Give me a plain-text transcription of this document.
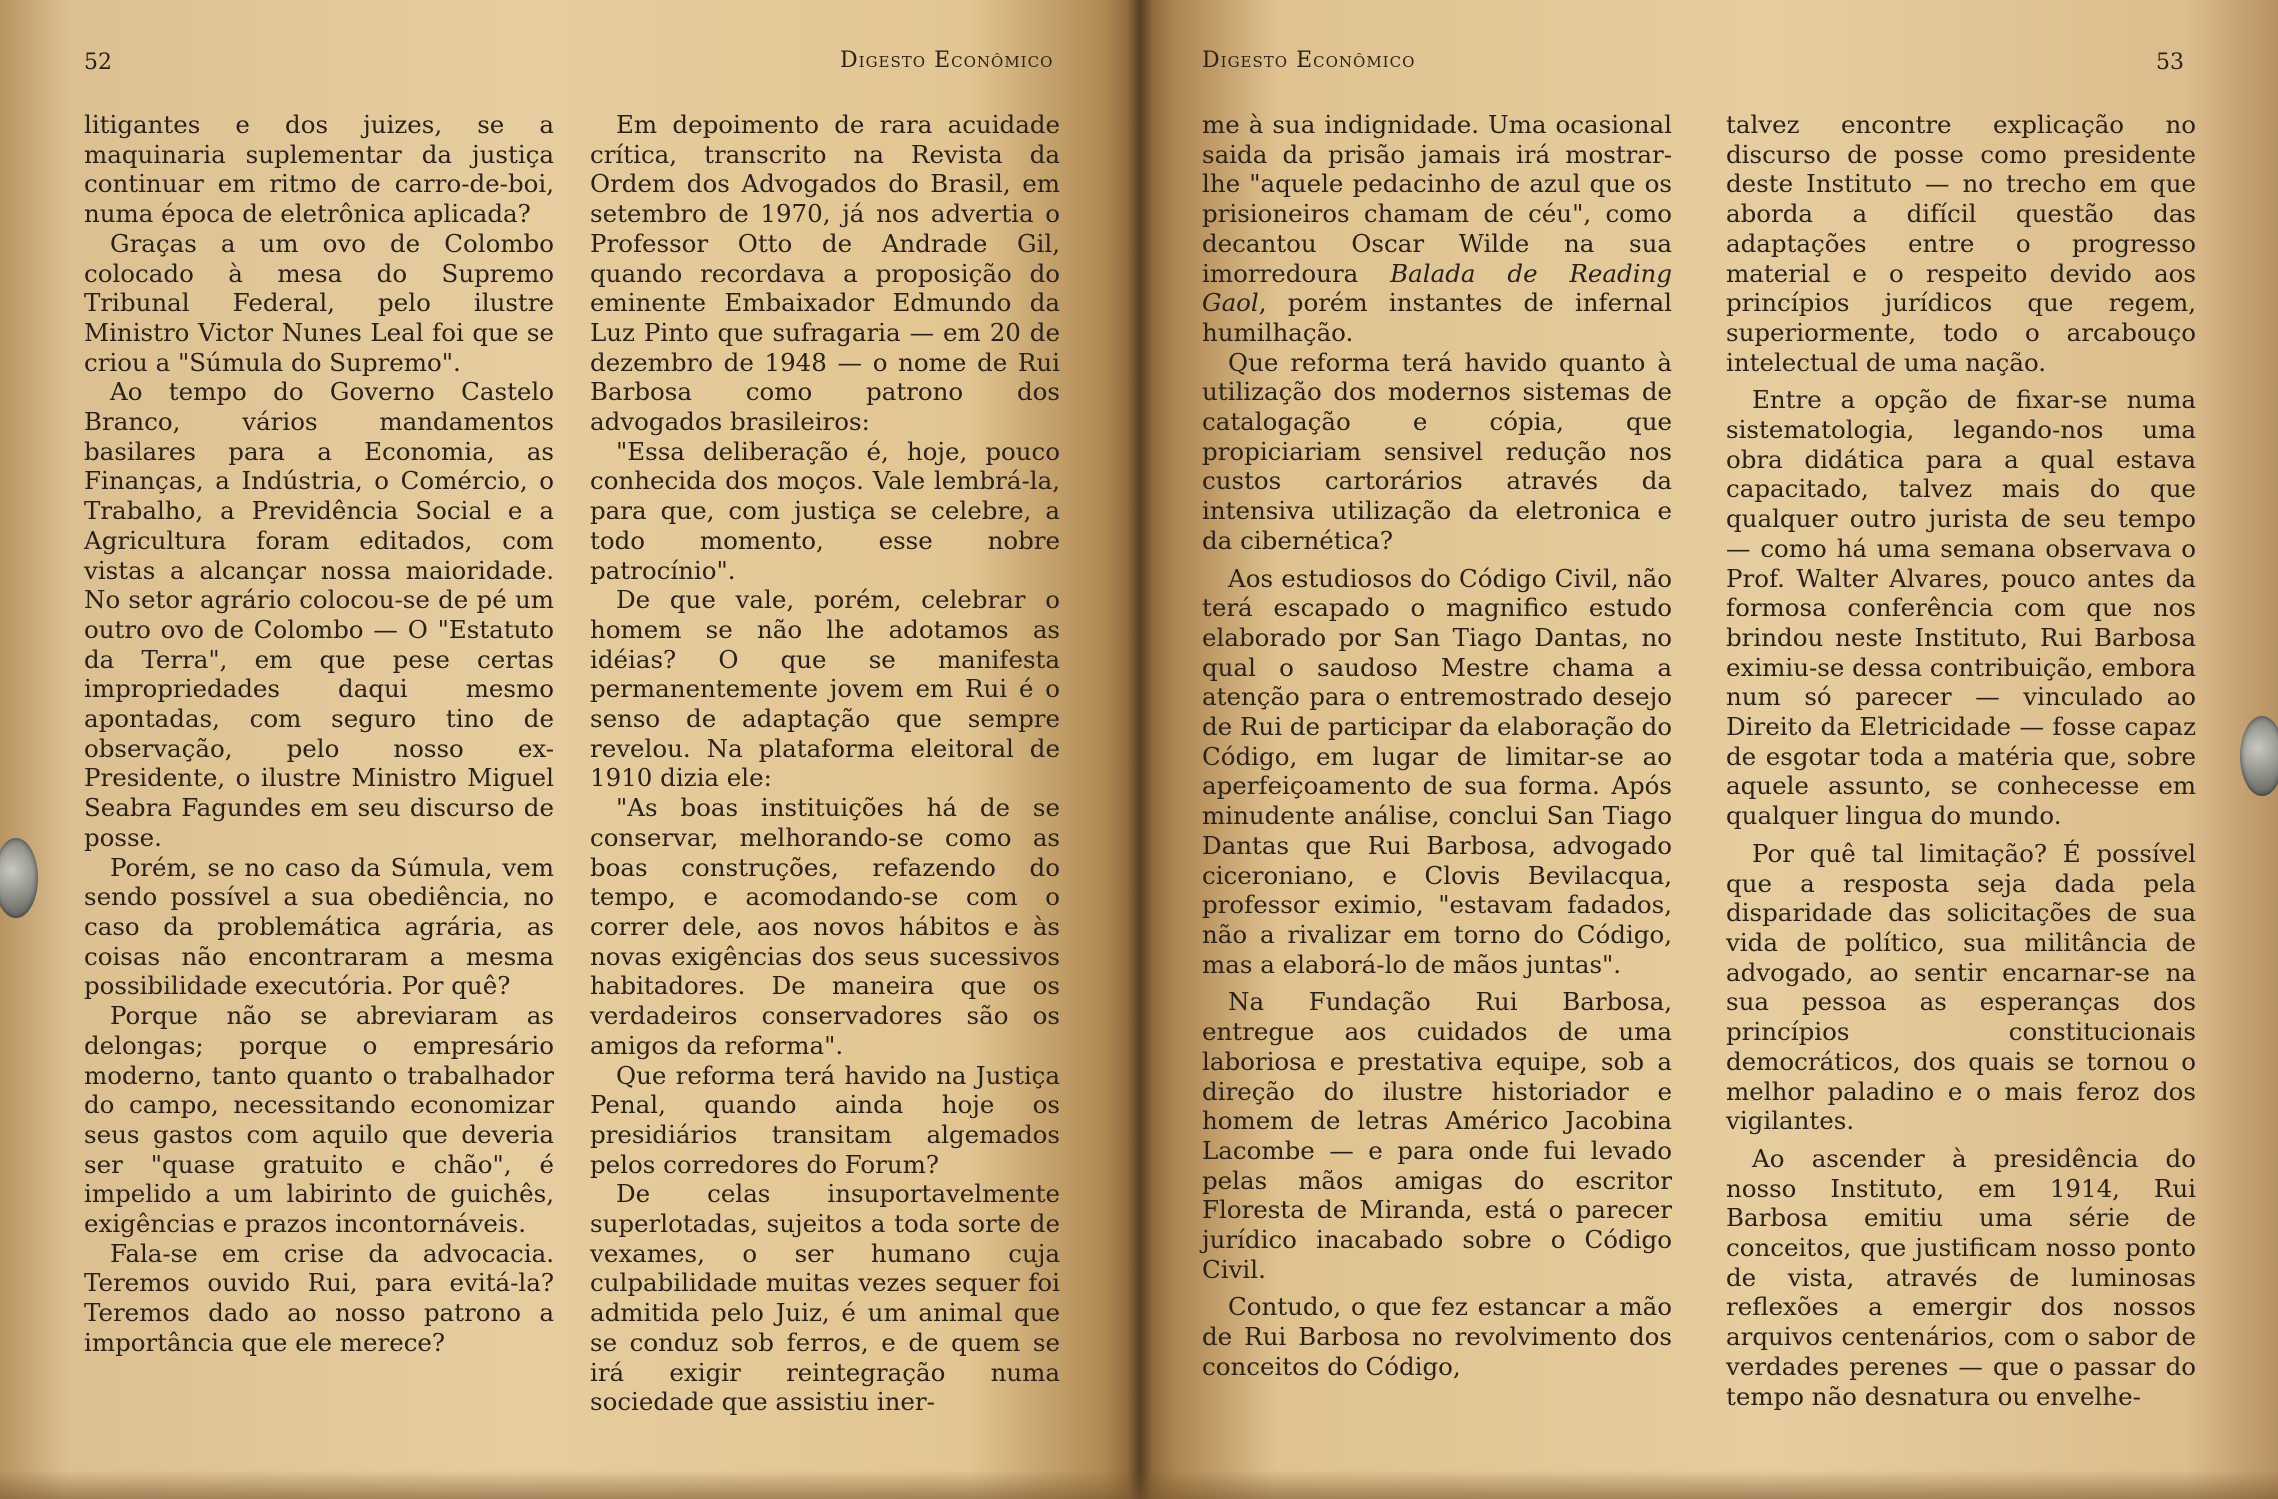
52	Digesto Econômico

litigantes e dos juizes, se a maquinaria suplementar da justiça continuar em ritmo de carro-de-boi, numa época de eletrônica aplicada?

Graças a um ovo de Colombo colocado à mesa do Supremo Tribunal Federal, pelo ilustre Ministro Victor Nunes Leal foi que se criou a "Súmula do Supremo".

Ao tempo do Governo Castelo Branco, vários mandamentos basilares para a Economia, as Finanças, a Indústria, o Comércio, o Trabalho, a Previdência Social e a Agricultura foram editados, com vistas a alcançar nossa maioridade. No setor agrário colocou-se de pé um outro ovo de Colombo — O "Estatuto da Terra", em que pese certas impropriedades daqui mesmo apontadas, com seguro tino de observação, pelo nosso ex-Presidente, o ilustre Ministro Miguel Seabra Fagundes em seu discurso de posse.

Porém, se no caso da Súmula, vem sendo possível a sua obediência, no caso da problemática agrária, as coisas não encontraram a mesma possibilidade executória. Por quê?

Porque não se abreviaram as delongas; porque o empresário moderno, tanto quanto o trabalhador do campo, necessitando economizar seus gastos com aquilo que deveria ser "quase gratuito e chão", é impelido a um labirinto de guichês, exigências e prazos incontornáveis.

Fala-se em crise da advocacia. Teremos ouvido Rui, para evitá-la? Teremos dado ao nosso patrono a importância que ele merece?

Em depoimento de rara acuidade crítica, transcrito na Revista da Ordem dos Advogados do Brasil, em setembro de 1970, já nos advertia o Professor Otto de Andrade Gil, quando recordava a proposição do eminente Embaixador Edmundo da Luz Pinto que sufragaria — em 20 de dezembro de 1948 — o nome de Rui Barbosa como patrono dos advogados brasileiros:

"Essa deliberação é, hoje, pouco conhecida dos moços. Vale lembrá-la, para que, com justiça se celebre, a todo momento, esse nobre patrocínio".

De que vale, porém, celebrar o homem se não lhe adotamos as idéias? O que se manifesta permanentemente jovem em Rui é o senso de adaptação que sempre revelou. Na plataforma eleitoral de 1910 dizia ele:

"As boas instituições há de se conservar, melhorando-se como as boas construções, refazendo do tempo, e acomodando-se com o correr dele, aos novos hábitos e às novas exigências dos seus sucessivos habitadores. De maneira que os verdadeiros conservadores são os amigos da reforma".

Que reforma terá havido na Justiça Penal, quando ainda hoje os presidiários transitam algemados pelos corredores do Forum?

De celas insuportavelmente superlotadas, sujeitos a toda sorte de vexames, o ser humano cuja culpabilidade muitas vezes sequer foi admitida pelo Juiz, é um animal que se conduz sob ferros, e de quem se irá exigir reintegração numa sociedade que assistiu iner-

Digesto Econômico	53

me à sua indignidade. Uma ocasional saida da prisão jamais irá mostrar-lhe "aquele pedacinho de azul que os prisioneiros chamam de céu", como decantou Oscar Wilde na sua imorredoura Balada de Reading Gaol, porém instantes de infernal humilhação.

Que reforma terá havido quanto à utilização dos modernos sistemas de catalogação e cópia, que propiciariam sensivel redução nos custos cartorários através da intensiva utilização da eletronica e da cibernética?

Aos estudiosos do Código Civil, não terá escapado o magnifico estudo elaborado por San Tiago Dantas, no qual o saudoso Mestre chama a atenção para o entremostrado desejo de Rui de participar da elaboração do Código, em lugar de limitar-se ao aperfeiçoamento de sua forma. Após minudente análise, conclui San Tiago Dantas que Rui Barbosa, advogado ciceroniano, e Clovis Bevilacqua, professor eximio, "estavam fadados, não a rivalizar em torno do Código, mas a elaborá-lo de mãos juntas".

Na Fundação Rui Barbosa, entregue aos cuidados de uma laboriosa e prestativa equipe, sob a direção do ilustre historiador e homem de letras Américo Jacobina Lacombe — e para onde fui levado pelas mãos amigas do escritor Floresta de Miranda, está o parecer jurídico inacabado sobre o Código Civil.

Contudo, o que fez estancar a mão de Rui Barbosa no revolvimento dos conceitos do Código,

talvez encontre explicação no discurso de posse como presidente deste Instituto — no trecho em que aborda a difícil questão das adaptações entre o progresso material e o respeito devido aos princípios jurídicos que regem, superiormente, todo o arcabouço intelectual de uma nação.

Entre a opção de fixar-se numa sistematologia, legando-nos uma obra didática para a qual estava capacitado, talvez mais do que qualquer outro jurista de seu tempo — como há uma semana observava o Prof. Walter Alvares, pouco antes da formosa conferência com que nos brindou neste Instituto, Rui Barbosa eximiu-se dessa contribuição, embora num só parecer — vinculado ao Direito da Eletricidade — fosse capaz de esgotar toda a matéria que, sobre aquele assunto, se conhecesse em qualquer lingua do mundo.

Por quê tal limitação? É possível que a resposta seja dada pela disparidade das solicitações de sua vida de político, sua militância de advogado, ao sentir encarnar-se na sua pessoa as esperanças dos princípios constitucionais democráticos, dos quais se tornou o melhor paladino e o mais feroz dos vigilantes.

Ao ascender à presidência do nosso Instituto, em 1914, Rui Barbosa emitiu uma série de conceitos, que justificam nosso ponto de vista, através de luminosas reflexões a emergir dos nossos arquivos centenários, com o sabor de verdades perenes — que o passar do tempo não desnatura ou envelhe-
